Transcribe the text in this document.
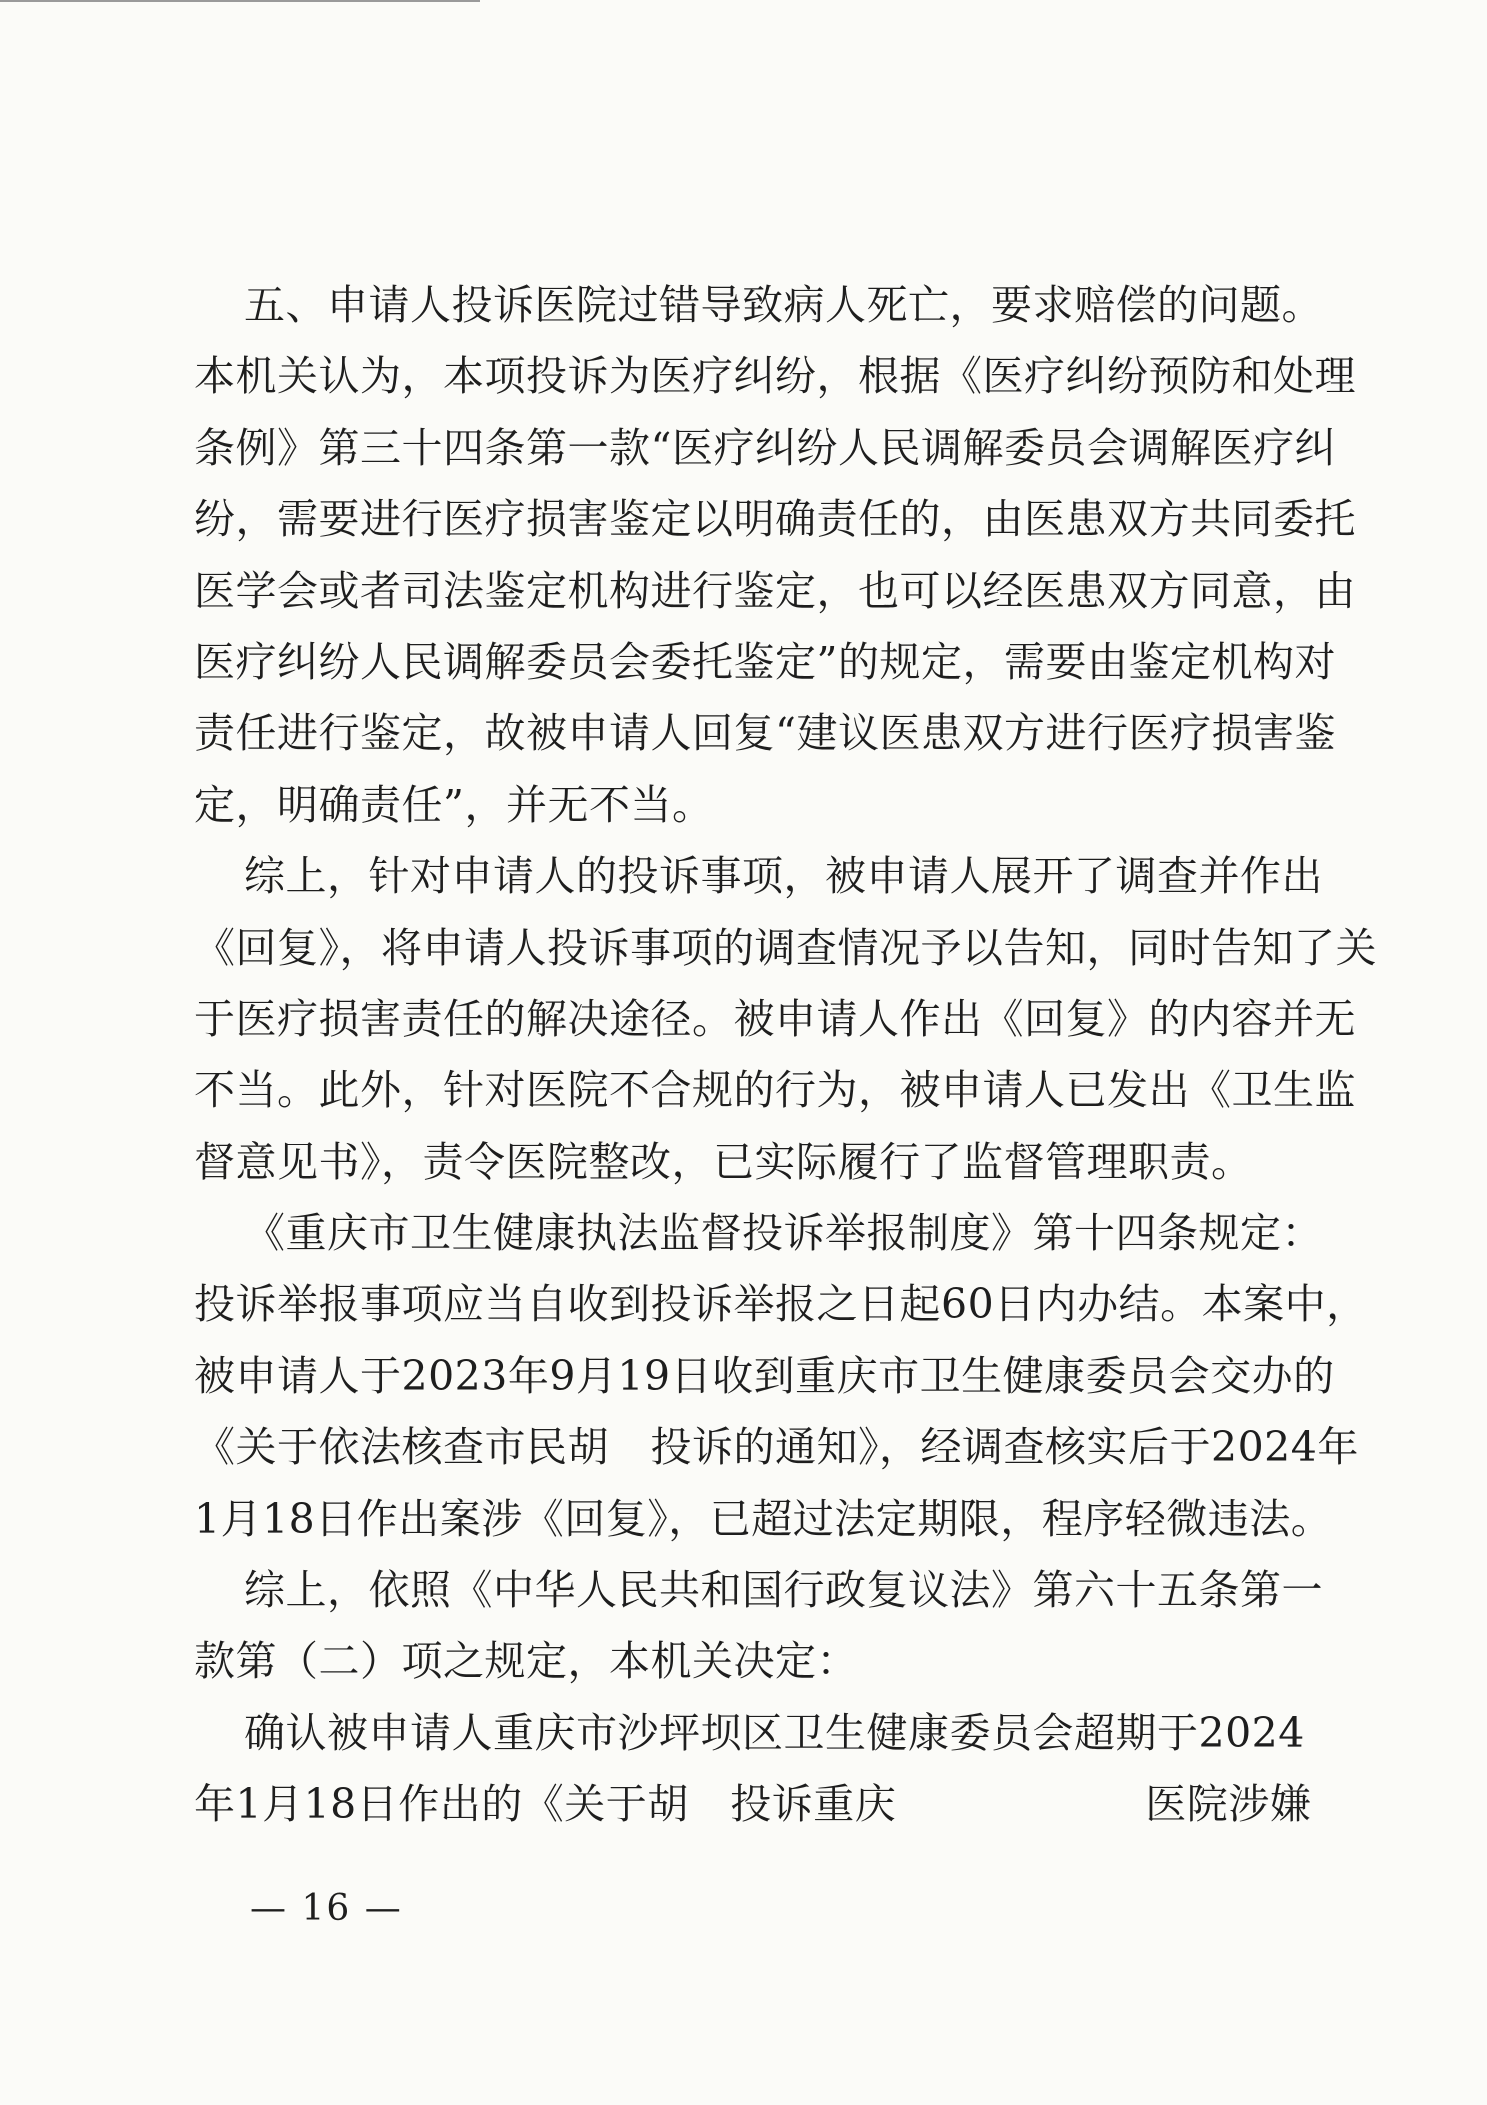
五、申请人投诉医院过错导致病人死亡，要求赔偿的问题。
本机关认为，本项投诉为医疗纠纷，根据《医疗纠纷预防和处理
条例》第三十四条第一款“医疗纠纷人民调解委员会调解医疗纠
纷，需要进行医疗损害鉴定以明确责任的，由医患双方共同委托
医学会或者司法鉴定机构进行鉴定，也可以经医患双方同意，由
医疗纠纷人民调解委员会委托鉴定”的规定，需要由鉴定机构对
责任进行鉴定，故被申请人回复“建议医患双方进行医疗损害鉴
定，明确责任”，并无不当。
综上，针对申请人的投诉事项，被申请人展开了调查并作出
《回复》，将申请人投诉事项的调查情况予以告知，同时告知了关
于医疗损害责任的解决途径。被申请人作出《回复》的内容并无
不当。此外，针对医院不合规的行为，被申请人已发出《卫生监
督意见书》，责令医院整改，已实际履行了监督管理职责。
《重庆市卫生健康执法监督投诉举报制度》第十四条规定：
投诉举报事项应当自收到投诉举报之日起60日内办结。本案中，
被申请人于2023年9月19日收到重庆市卫生健康委员会交办的
《关于依法核查市民胡　投诉的通知》，经调查核实后于2024年
1月18日作出案涉《回复》，已超过法定期限，程序轻微违法。
综上，依照《中华人民共和国行政复议法》第六十五条第一
款第（二）项之规定，本机关决定：
确认被申请人重庆市沙坪坝区卫生健康委员会超期于2024
年1月18日作出的《关于胡　投诉重庆　　　　　　医院涉嫌
— 16 —
